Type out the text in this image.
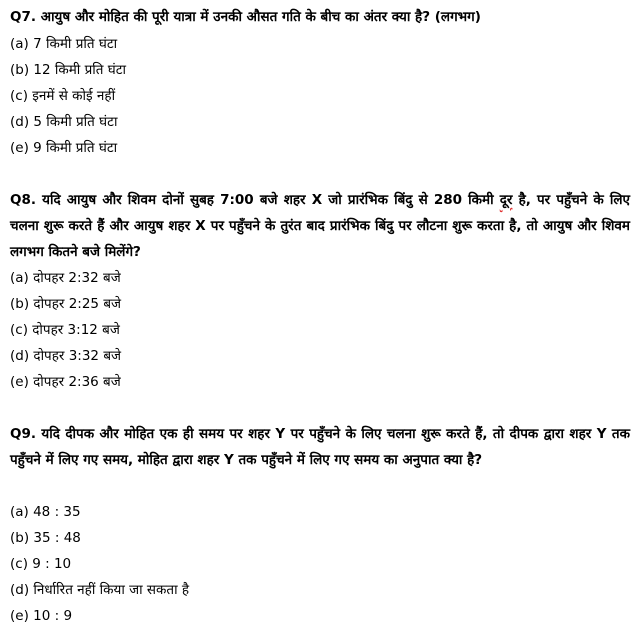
Q7. आयुष और मोहित की पूरी यात्रा में उनकी औसत गति के बीच का अंतर क्या है? (लगभग)
(a) 7 किमी प्रति घंटा
(b) 12 किमी प्रति घंटा
(c) इनमें से कोई नहीं
(d) 5 किमी प्रति घंटा
(e) 9 किमी प्रति घंटा
Q8. यदि आयुष और शिवम दोनों सुबह 7:00 बजे शहर X जो प्रारंभिक बिंदु से 280 किमी दूर है, पर पहुँचने के लिए चलना शुरू करते हैं और आयुष शहर X पर पहुँचने के तुरंत बाद प्रारंभिक बिंदु पर लौटना शुरू करता है, तो आयुष और शिवम लगभग कितने बजे मिलेंगे?
(a) दोपहर 2:32 बजे
(b) दोपहर 2:25 बजे
(c) दोपहर 3:12 बजे
(d) दोपहर 3:32 बजे
(e) दोपहर 2:36 बजे
Q9. यदि दीपक और मोहित एक ही समय पर शहर Y पर पहुँचने के लिए चलना शुरू करते हैं, तो दीपक द्वारा शहर Y तक पहुँचने में लिए गए समय, मोहित द्वारा शहर Y तक पहुँचने में लिए गए समय का अनुपात क्या है?
(a) 48 : 35
(b) 35 : 48
(c) 9 : 10
(d) निर्धारित नहीं किया जा सकता है
(e) 10 : 9
